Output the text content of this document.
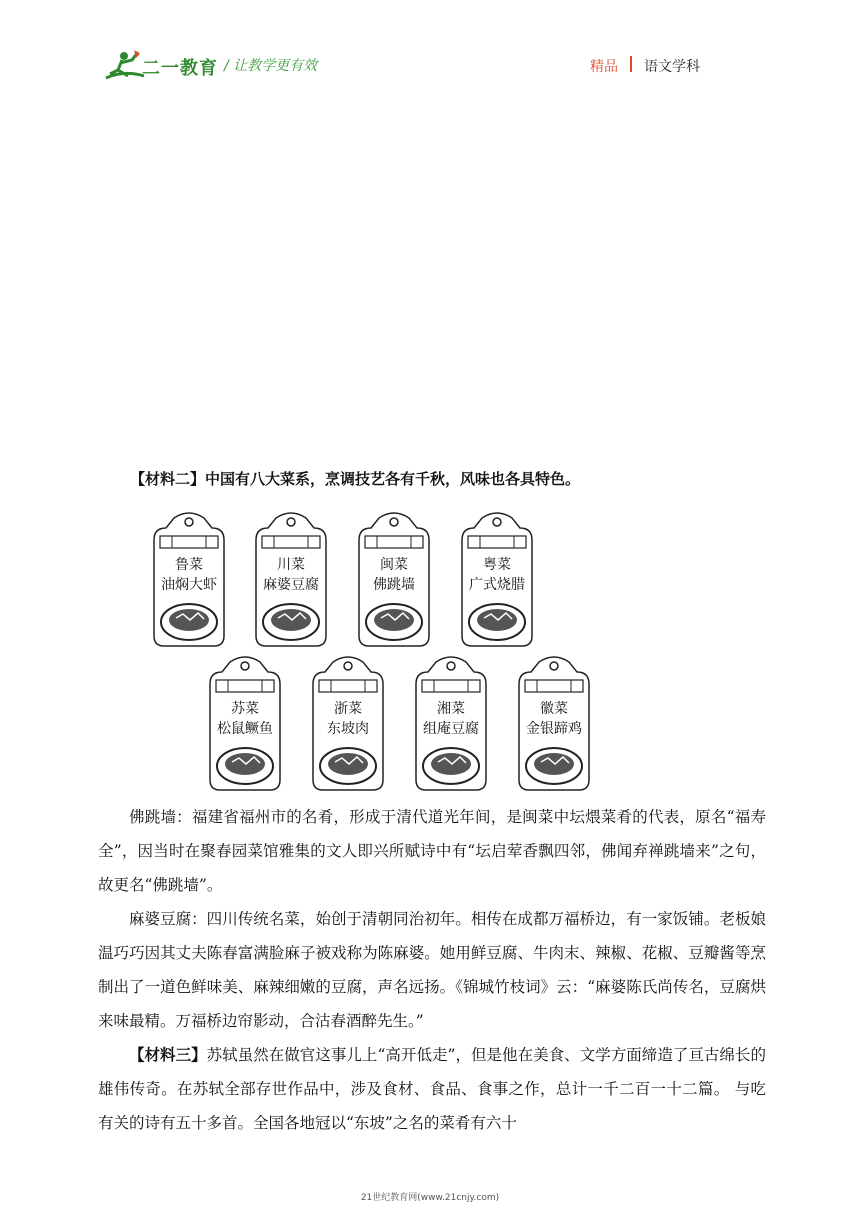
二一教育 / 让教学更有效	精品 语文学科
【材料二】中国有八大菜系，烹调技艺各有千秋，风味也各具特色。
鲁菜
油焖大虾
川菜
麻婆豆腐
闽菜
佛跳墙
粤菜
广式烧腊
苏菜
松鼠鳜鱼
浙菜
东坡肉
湘菜
组庵豆腐
徽菜
金银蹄鸡
佛跳墙：福建省福州市的名肴，形成于清代道光年间，是闽菜中坛煨菜肴的代表，原名“福寿全”，因当时在聚春园菜馆雅集的文人即兴所赋诗中有“坛启荤香飘四邻，佛闻弃禅跳墙来”之句，故更名“佛跳墙”。
麻婆豆腐：四川传统名菜，始创于清朝同治初年。相传在成都万福桥边，有一家饭铺。老板娘温巧巧因其丈夫陈春富满脸麻子被戏称为陈麻婆。她用鲜豆腐、牛肉末、辣椒、花椒、豆瓣酱等烹制出了一道色鲜味美、麻辣细嫩的豆腐，声名远扬。《锦城竹枝词》云：“麻婆陈氏尚传名，豆腐烘来味最精。万福桥边帘影动，合沽春酒醉先生。”
【材料三】苏轼虽然在做官这事儿上“高开低走”，但是他在美食、文学方面缔造了亘古绵长的雄伟传奇。在苏轼全部存世作品中，涉及食材、食品、食事之作，总计一千二百一十二篇。 与吃有关的诗有五十多首。全国各地冠以“东坡”之名的菜肴有六十
21世纪教育网(www.21cnjy.com)
